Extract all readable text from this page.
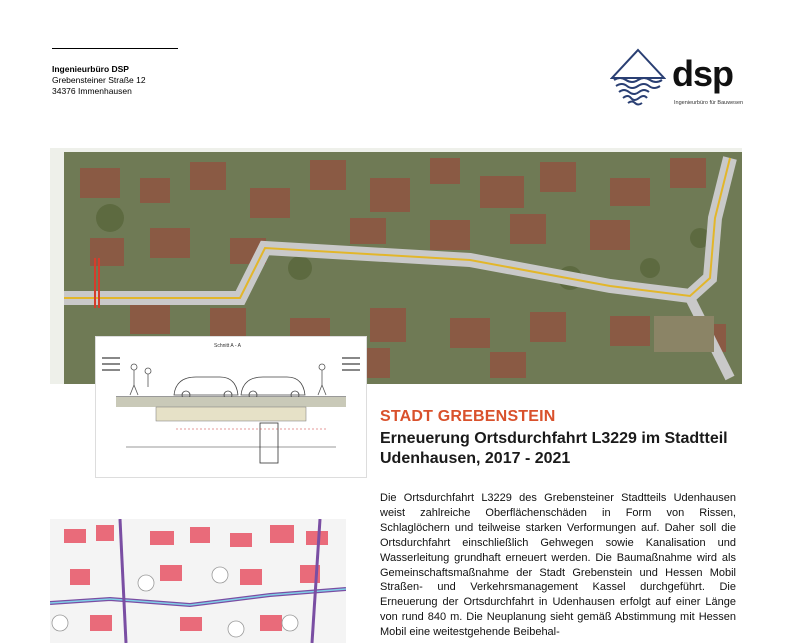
Ingenieurbüro DSP
Grebensteiner Straße 12
34376 Immenhausen	dsp
Ingenieurbüro für Bauwesen
Schnitt A - A
STADT GREBENSTEIN
Erneuerung Ortsdurchfahrt L3229 im Stadtteil Udenhausen, 2017 - 2021
Die Ortsdurchfahrt L3229 des Grebensteiner Stadtteils Udenhausen weist zahlreiche Oberflächenschäden in Form von Rissen, Schlaglöchern und teilweise starken Verformungen auf. Daher soll die Ortsdurchfahrt einschließlich Gehwegen sowie Kanalisation und Wasserleitung grundhaft erneuert werden. Die Baumaßnahme wird als Gemeinschaftsmaßnahme der Stadt Grebenstein und Hessen Mobil Straßen- und Verkehrsmanagement Kassel durchgeführt. Die Erneuerung der Ortsdurchfahrt in Udenhausen erfolgt auf einer Länge von rund 840 m. Die Neuplanung sieht gemäß Abstimmung mit Hessen Mobil eine weitestgehende Beibehal-
